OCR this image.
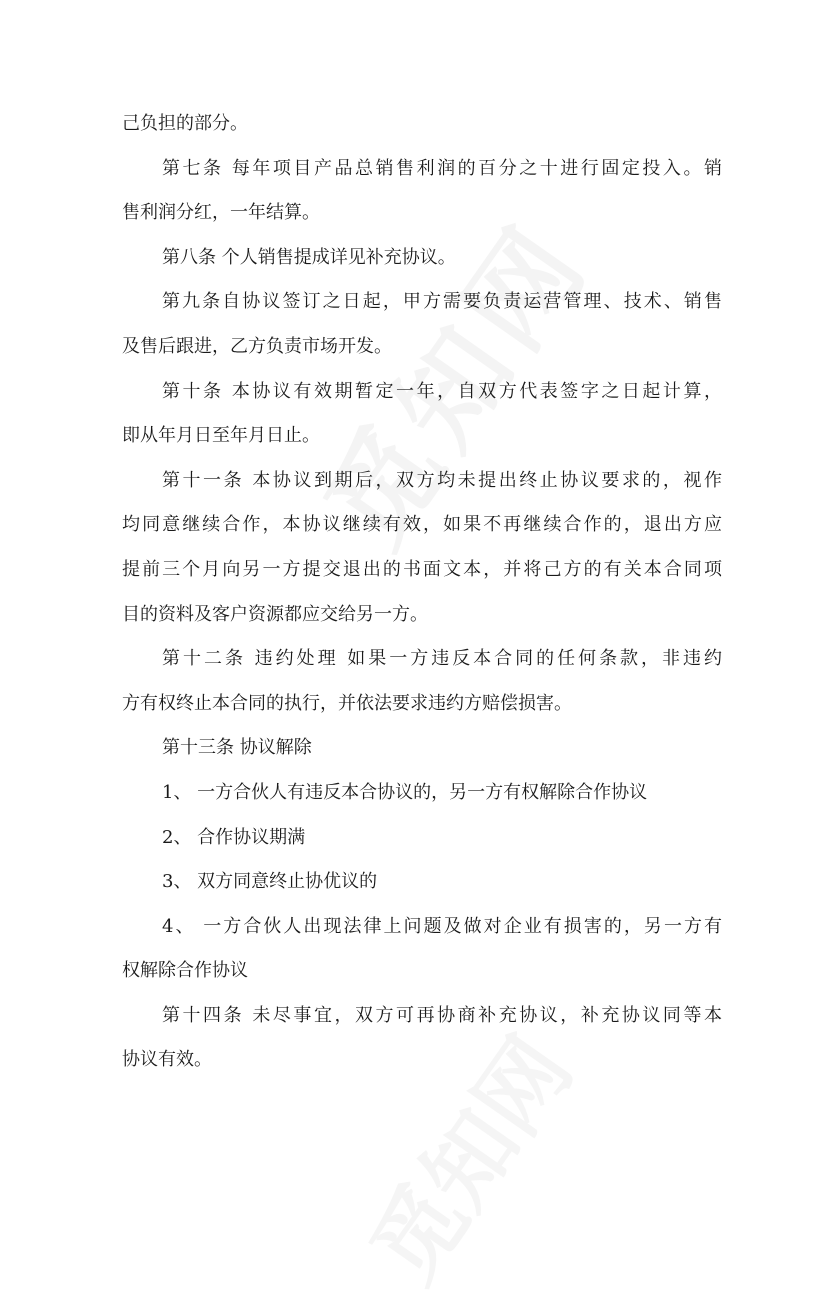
己负担的部分。
第七条 每年项目产品总销售利润的百分之十进行固定投入。销
售利润分红，一年结算。
第八条 个人销售提成详见补充协议。
第九条自协议签订之日起，甲方需要负责运营管理、技术、销售
及售后跟进，乙方负责市场开发。
第十条 本协议有效期暂定一年，自双方代表签字之日起计算，
即从年月日至年月日止。
第十一条 本协议到期后，双方均未提出终止协议要求的，视作
均同意继续合作，本协议继续有效，如果不再继续合作的，退出方应
提前三个月向另一方提交退出的书面文本，并将己方的有关本合同项
目的资料及客户资源都应交给另一方。
第十二条 违约处理 如果一方违反本合同的任何条款，非违约
方有权终止本合同的执行，并依法要求违约方赔偿损害。
第十三条 协议解除
1、 一方合伙人有违反本合协议的，另一方有权解除合作协议
2、 合作协议期满
3、 双方同意终止协优议的
4、 一方合伙人出现法律上问题及做对企业有损害的，另一方有
权解除合作协议
第十四条 未尽事宜，双方可再协商补充协议，补充协议同等本
协议有效。
